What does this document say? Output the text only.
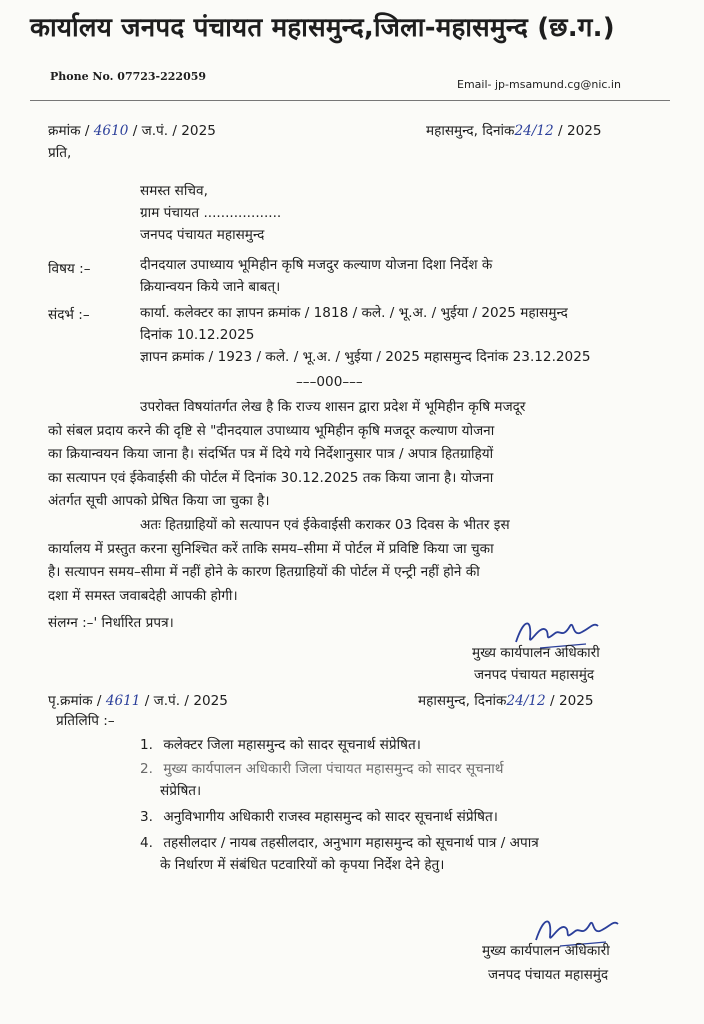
कार्यालय जनपद पंचायत महासमुन्द,जिला-महासमुन्द (छ.ग.)
Phone No. 07723-222059
Email- jp-msamund.cg@nic.in
क्रमांक / 4610 / ज.पं. / 2025	महासमुन्द, दिनांक24/12 / 2025
प्रति,
समस्त सचिव,
ग्राम पंचायत ..................
जनपद पंचायत महासमुन्द
विषय :–	दीनदयाल उपाध्याय भूमिहीन कृषि मजदुर कल्याण योजना दिशा निर्देश के
क्रियान्वयन किये जाने बाबत्।
संदर्भ :–	कार्या. कलेक्टर का ज्ञापन क्रमांक / 1818 / कले. / भू.अ. / भुईया / 2025 महासमुन्द
दिनांक 10.12.2025
ज्ञापन क्रमांक / 1923 / कले. / भू.अ. / भुईया / 2025 महासमुन्द दिनांक 23.12.2025
–––000–––
उपरोक्त विषयांतर्गत लेख है कि राज्य शासन द्वारा प्रदेश में भूमिहीन कृषि मजदूर
को संबल प्रदाय करने की दृष्टि से "दीनदयाल उपाध्याय भूमिहीन कृषि मजदूर कल्याण योजना
का क्रियान्वयन किया जाना है। संदर्भित पत्र में दिये गये निर्देशानुसार पात्र / अपात्र हितग्राहियों
का सत्यापन एवं ईकेवाईसी की पोर्टल में दिनांक 30.12.2025 तक किया जाना है। योजना
अंतर्गत सूची आपको प्रेषित किया जा चुका है।
अतः हितग्राहियों को सत्यापन एवं ईकेवाईसी कराकर 03 दिवस के भीतर इस
कार्यालय में प्रस्तुत करना सुनिश्चित करें ताकि समय–सीमा में पोर्टल में प्रविष्टि किया जा चुका
है। सत्यापन समय–सीमा में नहीं होने के कारण हितग्राहियों की पोर्टल में एन्ट्री नहीं होने की
दशा में समस्त जवाबदेही आपकी होगी।
संलग्न :–' निर्धारित प्रपत्र।
मुख्य कार्यपालन अधिकारी
जनपद पंचायत महासमुंद
पृ.क्रमांक / 4611 / ज.पं. / 2025	महासमुन्द, दिनांक24/12 / 2025
प्रतिलिपि :–
1. कलेक्टर जिला महासमुन्द को सादर सूचनार्थ संप्रेषित।
2. मुख्य कार्यपालन अधिकारी जिला पंचायत महासमुन्द को सादर सूचनार्थ
संप्रेषित।
3. अनुविभागीय अधिकारी राजस्व महासमुन्द को सादर सूचनार्थ संप्रेषित।
4. तहसीलदार / नायब तहसीलदार, अनुभाग महासमुन्द को सूचनार्थ पात्र / अपात्र
के निर्धारण में संबंधित पटवारियों को कृपया निर्देश देने हेतु।
मुख्य कार्यपालन अधिकारी
जनपद पंचायत महासमुंद
